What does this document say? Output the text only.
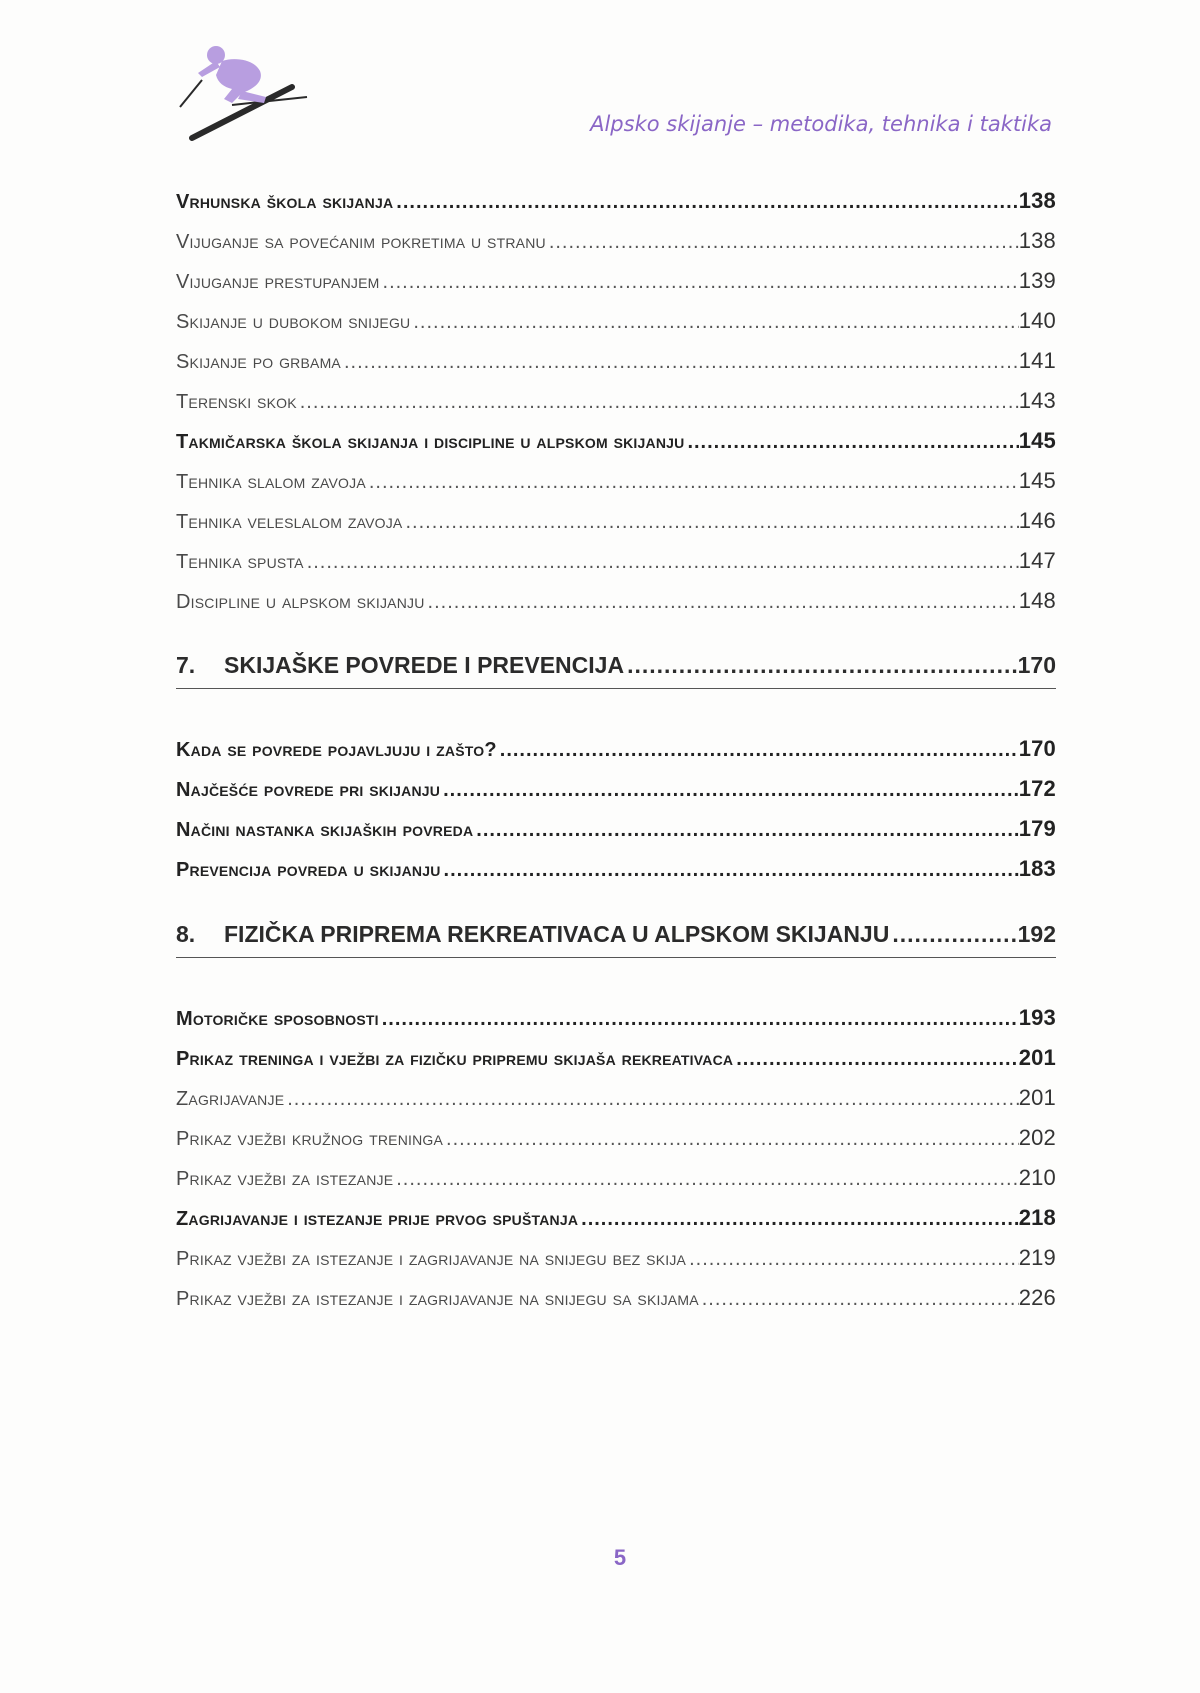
Alpsko skijanje – metodika, tehnika i taktika
Vrhunska škola skijanja .....	138
Vijuganje sa povećanim pokretima u stranu .....	138
Vijuganje prestupanjem .....	139
Skijanje u dubokom snijegu .....	140
Skijanje po grbama .....	141
Terenski skok .....	143
Takmičarska škola skijanja i discipline u alpskom skijanju .....	145
Tehnika slalom zavoja .....	145
Tehnika veleslalom zavoja .....	146
Tehnika spusta .....	147
Discipline u alpskom skijanju .....	148
7.	SKIJAŠKE POVREDE I PREVENCIJA .....	170
Kada se povrede pojavljuju i zašto? .....	170
Najčešće povrede pri skijanju .....	172
Načini nastanka skijaških povreda .....	179
Prevencija povreda u skijanju .....	183
8.	FIZIČKA PRIPREMA REKREATIVACA U ALPSKOM SKIJANJU .....	192
Motoričke sposobnosti .....	193
Prikaz treninga i vježbi za fizičku pripremu skijaša rekreativaca .....	201
Zagrijavanje .....	201
Prikaz vježbi kružnog treninga .....	202
Prikaz vježbi za istezanje .....	210
Zagrijavanje i istezanje prije prvog spuštanja .....	218
Prikaz vježbi za istezanje i zagrijavanje na snijegu bez skija .....	219
Prikaz vježbi za istezanje i zagrijavanje na snijegu sa skijama .....	226
5
